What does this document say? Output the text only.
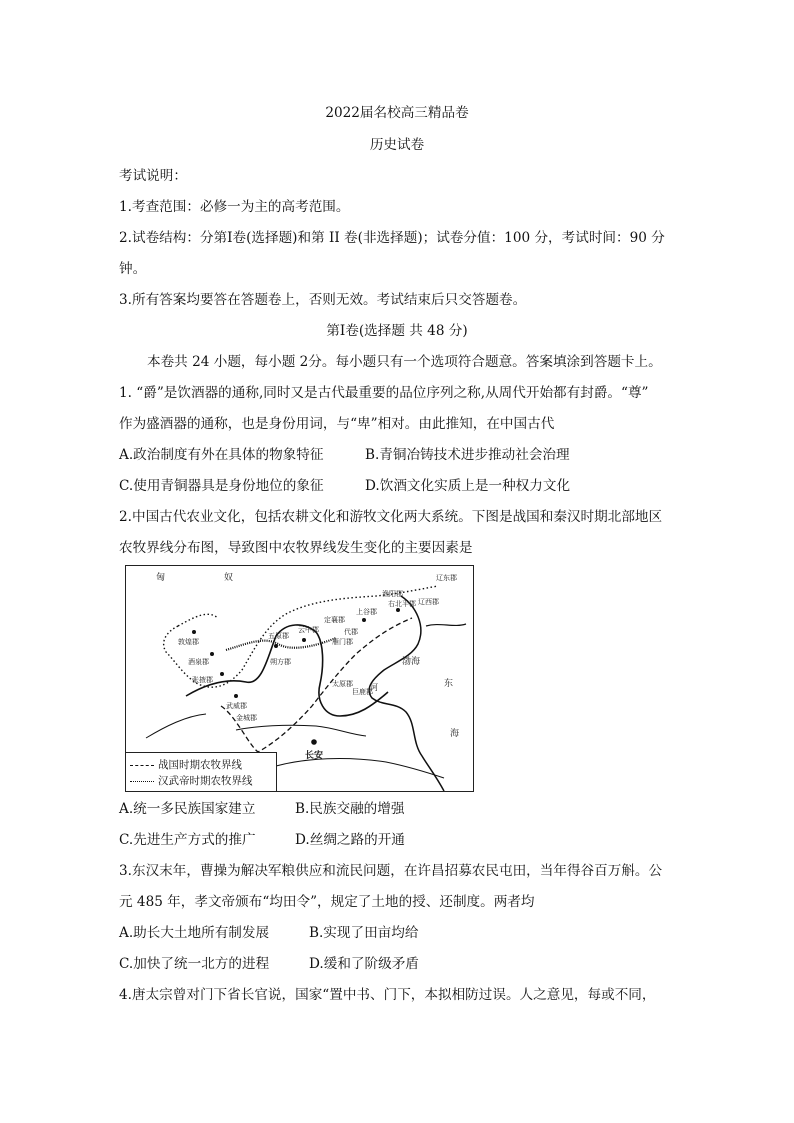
2022届名校高三精品卷
历史试卷
考试说明：
1.考查范围：必修一为主的高考范围。
2.试卷结构：分第Ⅰ卷(选择题)和第 II 卷(非选择题)；试卷分值：100 分，考试时间：90 分
钟。
3.所有答案均要答在答题卷上，否则无效。考试结束后只交答题卷。
第Ⅰ卷(选择题 共 48 分)
本卷共 24 小题，每小题 2分。每小题只有一个选项符合题意。答案填涂到答题卡上。
1. “爵”是饮酒器的通称,同时又是古代最重要的品位序列之称,从周代开始都有封爵。“尊”
作为盛酒器的通称，也是身份用词，与“卑”相对。由此推知，在中国古代
A.政治制度有外在具体的物象特征	B.青铜冶铸技术进步推动社会治理
C.使用青铜器具是身份地位的象征	D.饮酒文化实质上是一种权力文化
2.中国古代农业文化，包括农耕文化和游牧文化两大系统。下图是战国和秦汉时期北部地区
农牧界线分布图，导致图中农牧界线发生变化的主要因素是
长安
渤海
东
海
河
匈	奴
敦煌郡
酒泉郡
张掖郡
武威郡
金城郡
朔方郡
五原郡
云中郡
定襄郡
雁门郡
代郡
上谷郡
渔阳郡
右北平郡 辽西郡
辽东郡
太原郡
巨鹿郡
战国时期农牧界线
汉武帝时期农牧界线
A.统一多民族国家建立	B.民族交融的增强
C.先进生产方式的推广	D.丝绸之路的开通
3.东汉末年，曹操为解决军粮供应和流民问题，在许昌招募农民屯田，当年得谷百万斛。公
元 485 年，孝文帝颁布“均田令”，规定了土地的授、还制度。两者均
A.助长大土地所有制发展	B.实现了田亩均给
C.加快了统一北方的进程	D.缓和了阶级矛盾
4.唐太宗曾对门下省长官说，国家“置中书、门下，本拟相防过误。人之意见，每或不同，
